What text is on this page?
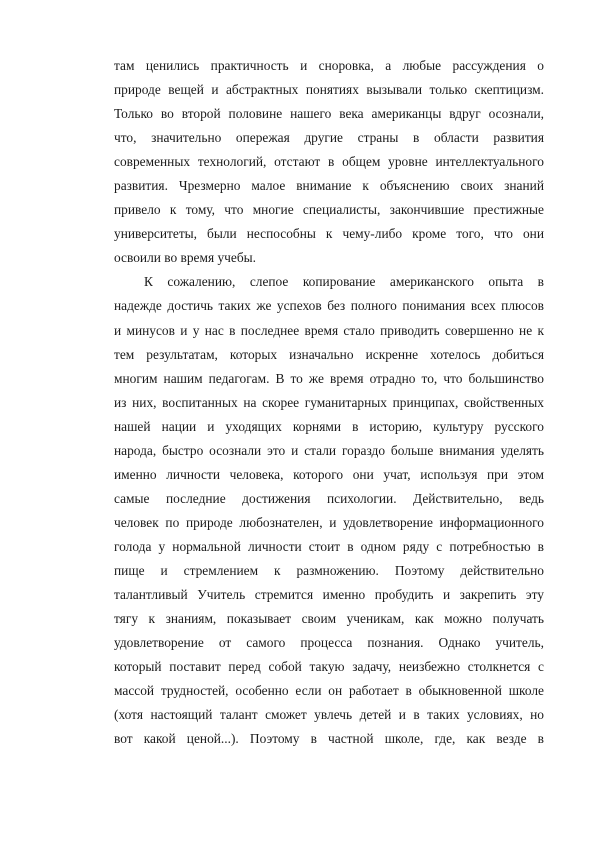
там ценились практичность и сноровка, а любые рассуждения о
природе вещей и абстрактных понятиях вызывали только скептицизм.
Только во второй половине нашего века американцы вдруг осознали,
что, значительно опережая другие страны в области развития
современных технологий, отстают в общем уровне интеллектуального
развития. Чрезмерно малое внимание к объяснению своих знаний
привело к тому, что многие специалисты, закончившие престижные
университеты, были неспособны к чему-либо кроме того, что они
освоили во время учебы.
К сожалению, слепое копирование американского опыта в
надежде достичь таких же успехов без полного понимания всех плюсов
и минусов и у нас в последнее время стало приводить совершенно не к
тем результатам, которых изначально искренне хотелось добиться
многим нашим педагогам. В то же время отрадно то, что большинство
из них, воспитанных на скорее гуманитарных принципах, свойственных
нашей нации и уходящих корнями в историю, культуру русского
народа, быстро осознали это и стали гораздо больше внимания уделять
именно личности человека, которого они учат, используя при этом
самые последние достижения психологии. Действительно, ведь
человек по природе любознателен, и удовлетворение информационного
голода у нормальной личности стоит в одном ряду с потребностью в
пище и стремлением к размножению. Поэтому действительно
талантливый Учитель стремится именно пробудить и закрепить эту
тягу к знаниям, показывает своим ученикам, как можно получать
удовлетворение от самого процесса познания. Однако учитель,
который поставит перед собой такую задачу, неизбежно столкнется с
массой трудностей, особенно если он работает в обыкновенной школе
(хотя настоящий талант сможет увлечь детей и в таких условиях, но
вот какой ценой...). Поэтому в частной школе, где, как везде в
